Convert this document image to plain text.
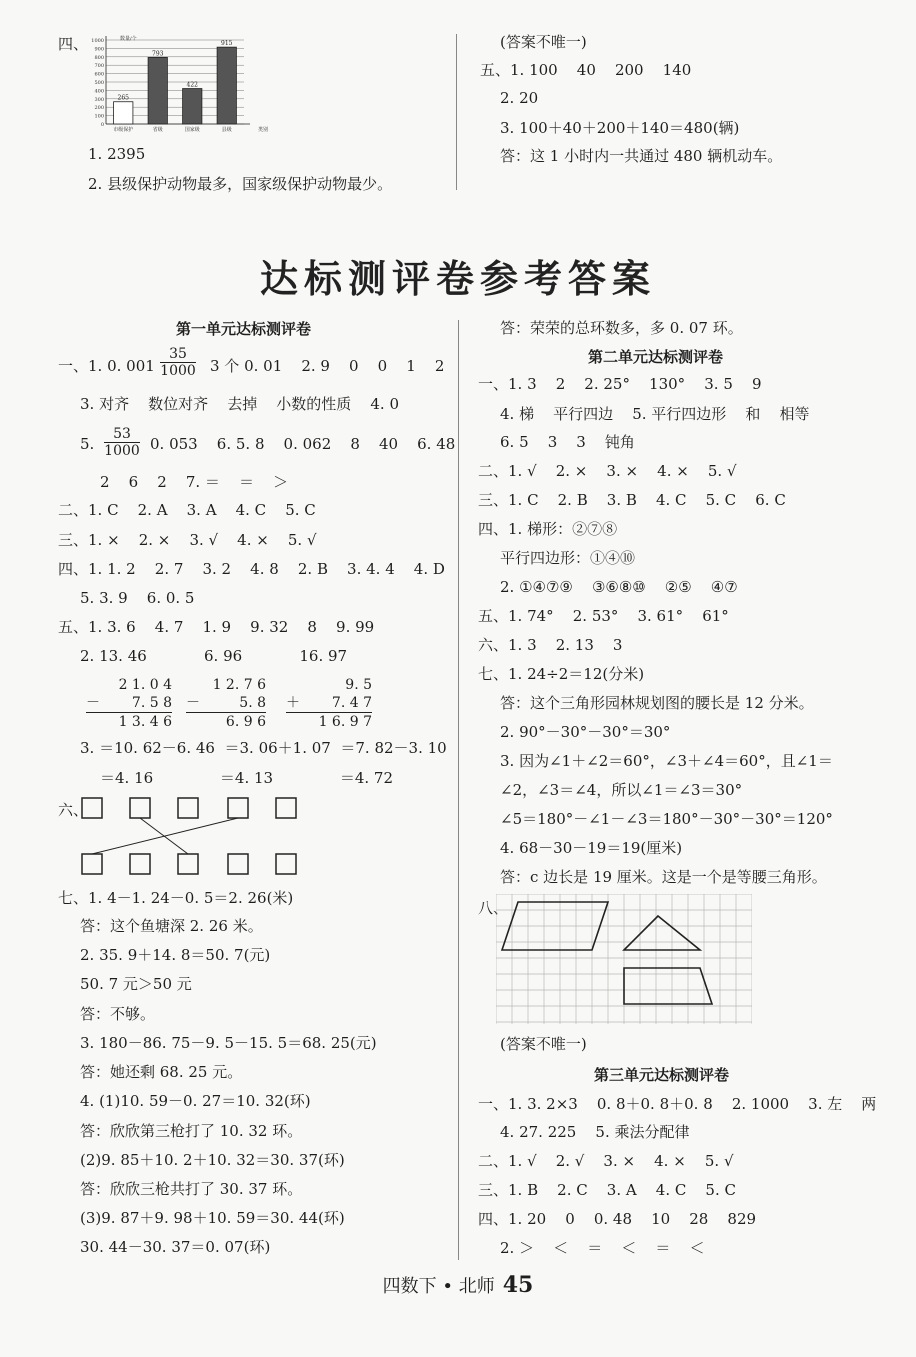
四、
0
100
200
300
400
500
600
700
800
900
1000
265
市级保护
793
省级
422
国家级
915
县级
数量/个
类别
1. 2395
2. 县级保护动物最多，国家级保护动物最少。
(答案不唯一)
五、1. 100    40    200    140
2. 20
3. 100＋40＋200＋140＝480(辆)
答：这 1 小时内一共通过 480 辆机动车。
达标测评卷参考答案
第一单元达标测评卷
一、1. 0. $001 \frac{35}{1000} 3$ 个 0. 01    2. 9    0    0    1    2
3. 对齐    数位对齐    去掉    小数的性质    4. 0
5. $\frac{53}{1000} 0$. 053    6. 5. 8    0. 062    8    40    6. 48
2    6    2    7. ＝    ＝    ＞
二、1. C    2. A    3. A    4. C    5. C
三、1. ×    2. ×    3. √    4. ×    5. √
四、1. 1. 2    2. 7    3. 2    4. 8    2. B    3. 4. 4    4. D
5. 3. 9    6. 0. 5
五、1. 3. 6    4. 7    1. 9    9. 32    8    9. 99
2. 13. 46            6. 96            16. 97
2 1. 0 4
－ 7. 5 8
1 3. 4 6
1 2. 7 6
－	5. 8
6. 9 6
9. 5
＋ 7. 4 7
1 6. 9 7
3. ＝10. 62－6. 46  ＝3. 06＋1. 07  ＝7. 82－3. 10
＝4. 16              ＝4. 13              ＝4. 72
六、
七、1. 4－1. 24－0. 5＝2. 26(米)
答：这个鱼塘深 2. 26 米。
2. 35. 9＋14. 8＝50. 7(元)
50. 7 元＞50 元
答：不够。
3. 180－86. 75－9. 5－15. 5＝68. 25(元)
答：她还剩 68. 25 元。
4. (1)10. 59－0. 27＝10. 32(环)
答：欣欣第三枪打了 10. 32 环。
(2)9. 85＋10. 2＋10. 32＝30. 37(环)
答：欣欣三枪共打了 30. 37 环。
(3)9. 87＋9. 98＋10. 59＝30. 44(环)
30. 44－30. 37＝0. 07(环)
答：荣荣的总环数多，多 0. 07 环。
第二单元达标测评卷
一、1. 3    2    2. 25°    130°    3. 5    9
4. 梯    平行四边    5. 平行四边形    和    相等
6. 5    3    3    钝角
二、1. √    2. ×    3. ×    4. ×    5. √
三、1. C    2. B    3. B    4. C    5. C    6. C
四、1. 梯形：②⑦⑧
平行四边形：①④⑩
2. ①④⑦⑨    ③⑥⑧⑩    ②⑤    ④⑦
五、1. 74°    2. 53°    3. 61°    61°
六、1. 3    2. 13    3
七、1. 24÷2＝12(分米)
答：这个三角形园林规划图的腰长是 12 分米。
2. 90°－30°－30°＝30°
3. 因为∠1＋∠2＝60°，∠3＋∠4＝60°，且∠1＝
∠2，∠3＝∠4，所以∠1＝∠3＝30°
∠5＝180°－∠1－∠3＝180°－30°－30°＝120°
4. 68－30－19＝19(厘米)
答：c 边长是 19 厘米。这是一个是等腰三角形。
八、
(答案不唯一)
第三单元达标测评卷
一、1. 3. 2×3    0. 8＋0. 8＋0. 8    2. 1000    3. 左    两
4. 27. 225    5. 乘法分配律
二、1. √    2. √    3. ×    4. ×    5. √
三、1. B    2. C    3. A    4. C    5. C
四、1. 20    0    0. 48    10    28    829
2. ＞    ＜    ＝    ＜    ＝    ＜
四数下 • 北师 45
